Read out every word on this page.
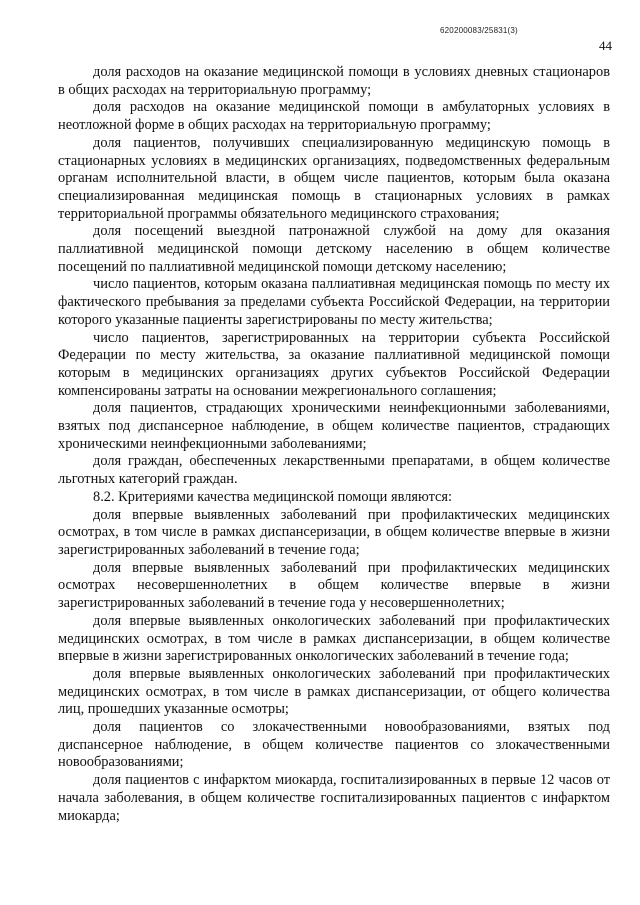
620200083/25831(3)
44

доля расходов на оказание медицинской помощи в условиях дневных стационаров в общих расходах на территориальную программу;

доля расходов на оказание медицинской помощи в амбулаторных условиях в неотложной форме в общих расходах на территориальную программу;

доля пациентов, получивших специализированную медицинскую помощь в стационарных условиях в медицинских организациях, подведомственных федеральным органам исполнительной власти, в общем числе пациентов, которым была оказана специализированная медицинская помощь в стационарных условиях в рамках территориальной программы обязательного медицинского страхования;

доля посещений выездной патронажной службой на дому для оказания паллиативной медицинской помощи детскому населению в общем количестве посещений по паллиативной медицинской помощи детскому населению;

число пациентов, которым оказана паллиативная медицинская помощь по месту их фактического пребывания за пределами субъекта Российской Федерации, на территории которого указанные пациенты зарегистрированы по месту жительства;

число пациентов, зарегистрированных на территории субъекта Российской Федерации по месту жительства, за оказание паллиативной медицинской помощи которым в медицинских организациях других субъектов Российской Федерации компенсированы затраты на основании межрегионального соглашения;

доля пациентов, страдающих хроническими неинфекционными заболеваниями, взятых под диспансерное наблюдение, в общем количестве пациентов, страдающих хроническими неинфекционными заболеваниями;

доля граждан, обеспеченных лекарственными препаратами, в общем количестве льготных категорий граждан.

8.2. Критериями качества медицинской помощи являются:

доля впервые выявленных заболеваний при профилактических медицинских осмотрах, в том числе в рамках диспансеризации, в общем количестве впервые в жизни зарегистрированных заболеваний в течение года;

доля впервые выявленных заболеваний при профилактических медицинских осмотрах несовершеннолетних в общем количестве впервые в жизни зарегистрированных заболеваний в течение года у несовершеннолетних;

доля впервые выявленных онкологических заболеваний при профилактических медицинских осмотрах, в том числе в рамках диспансеризации, в общем количестве впервые в жизни зарегистрированных онкологических заболеваний в течение года;

доля впервые выявленных онкологических заболеваний при профилактических медицинских осмотрах, в том числе в рамках диспансеризации, от общего количества лиц, прошедших указанные осмотры;

доля пациентов со злокачественными новообразованиями, взятых под диспансерное наблюдение, в общем количестве пациентов со злокачественными новообразованиями;

доля пациентов с инфарктом миокарда, госпитализированных в первые 12 часов от начала заболевания, в общем количестве госпитализированных пациентов с инфарктом миокарда;
